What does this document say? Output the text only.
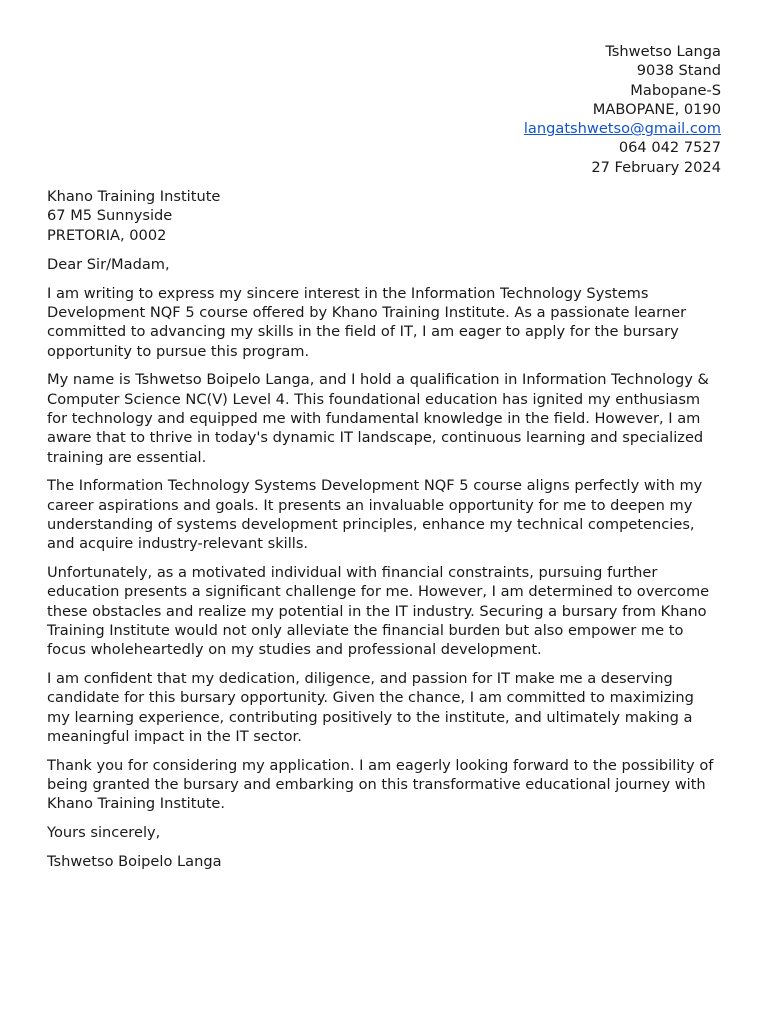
Tshwetso Langa
9038 Stand
Mabopane-S
MABOPANE, 0190
langatshwetso@gmail.com
064 042 7527
27 February 2024
Khano Training Institute
67 M5 Sunnyside
PRETORIA, 0002
Dear Sir/Madam,

I am writing to express my sincere interest in the Information Technology Systems Development NQF 5 course offered by Khano Training Institute. As a passionate learner committed to advancing my skills in the field of IT, I am eager to apply for the bursary opportunity to pursue this program.

My name is Tshwetso Boipelo Langa, and I hold a qualification in Information Technology & Computer Science NC(V) Level 4. This foundational education has ignited my enthusiasm for technology and equipped me with fundamental knowledge in the field. However, I am aware that to thrive in today's dynamic IT landscape, continuous learning and specialized training are essential.

The Information Technology Systems Development NQF 5 course aligns perfectly with my career aspirations and goals. It presents an invaluable opportunity for me to deepen my understanding of systems development principles, enhance my technical competencies, and acquire industry-relevant skills.

Unfortunately, as a motivated individual with financial constraints, pursuing further education presents a significant challenge for me. However, I am determined to overcome these obstacles and realize my potential in the IT industry. Securing a bursary from Khano Training Institute would not only alleviate the financial burden but also empower me to focus wholeheartedly on my studies and professional development.

I am confident that my dedication, diligence, and passion for IT make me a deserving candidate for this bursary opportunity. Given the chance, I am committed to maximizing my learning experience, contributing positively to the institute, and ultimately making a meaningful impact in the IT sector.

Thank you for considering my application. I am eagerly looking forward to the possibility of being granted the bursary and embarking on this transformative educational journey with Khano Training Institute.

Yours sincerely,
Tshwetso Boipelo Langa
